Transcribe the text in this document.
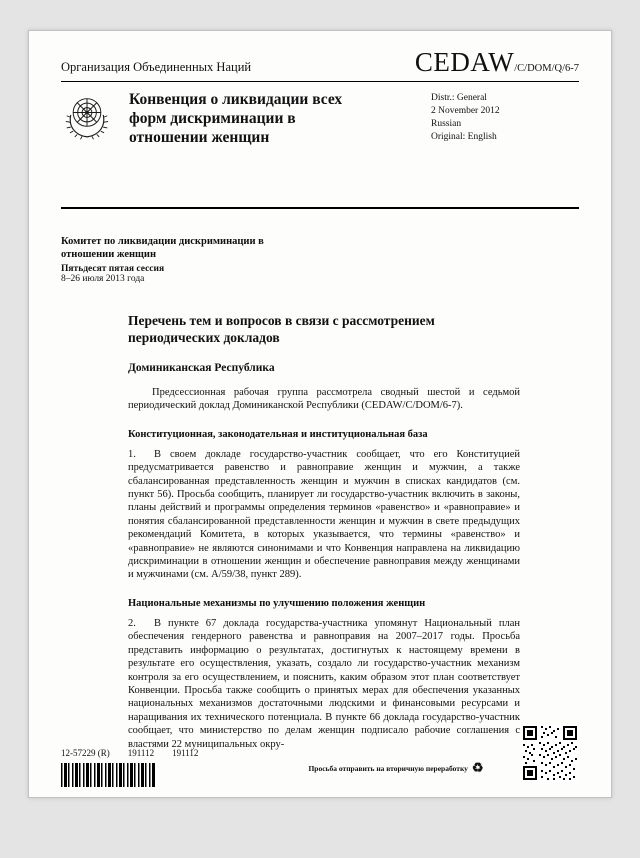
Организация Объединенных Наций	CEDAW/C/DOM/Q/6-7
Конвенция о ликвидации всех форм дискриминации в отношении женщин
Distr.: General
2 November 2012
Russian
Original: English
Комитет по ликвидации дискриминации в отношении женщин
Пятьдесят пятая сессия
8–26 июля 2013 года
Перечень тем и вопросов в связи с рассмотрением периодических докладов
Доминиканская Республика

Предсессионная рабочая группа рассмотрела сводный шестой и седьмой периодический доклад Доминиканской Республики (CEDAW/C/DOM/6-7).

Конституционная, законодательная и институциональная база

1. В своем докладе государство-участник сообщает, что его Конституцией предусматривается равенство и равноправие женщин и мужчин, а также сбалансированная представленность женщин и мужчин в списках кандидатов (см. пункт 56). Просьба сообщить, планирует ли государство-участник включить в законы, планы действий и программы определения терминов «равенство» и «равноправие» и понятия сбалансированной представленности женщин и мужчин в свете предыдущих рекомендаций Комитета, в которых указывается, что термины «равенство» и «равноправие» не являются синонимами и что Конвенция направлена на ликвидацию дискриминации в отношении женщин и обеспечение равноправия между женщинами и мужчинами (см. A/59/38, пункт 289).

Национальные механизмы по улучшению положения женщин

2. В пункте 67 доклада государства-участника упомянут Национальный план обеспечения гендерного равенства и равноправия на 2007–2017 годы. Просьба представить информацию о результатах, достигнутых к настоящему времени в результате его осуществления, указать, создало ли государство-участник механизм контроля за его осуществлением, и пояснить, каким образом этот план соответствует Конвенции. Просьба также сообщить о принятых мерах для обеспечения указанных национальных механизмов достаточными людскими и финансовыми ресурсами и наращивания их технического потенциала. В пункте 66 доклада государство-участник сообщает, что министерство по делам женщин подписало рабочие соглашения с властями 22 муниципальных окру-

12-57229 (R) 191112 191112
Просьба отправить на вторичную переработку ♻
